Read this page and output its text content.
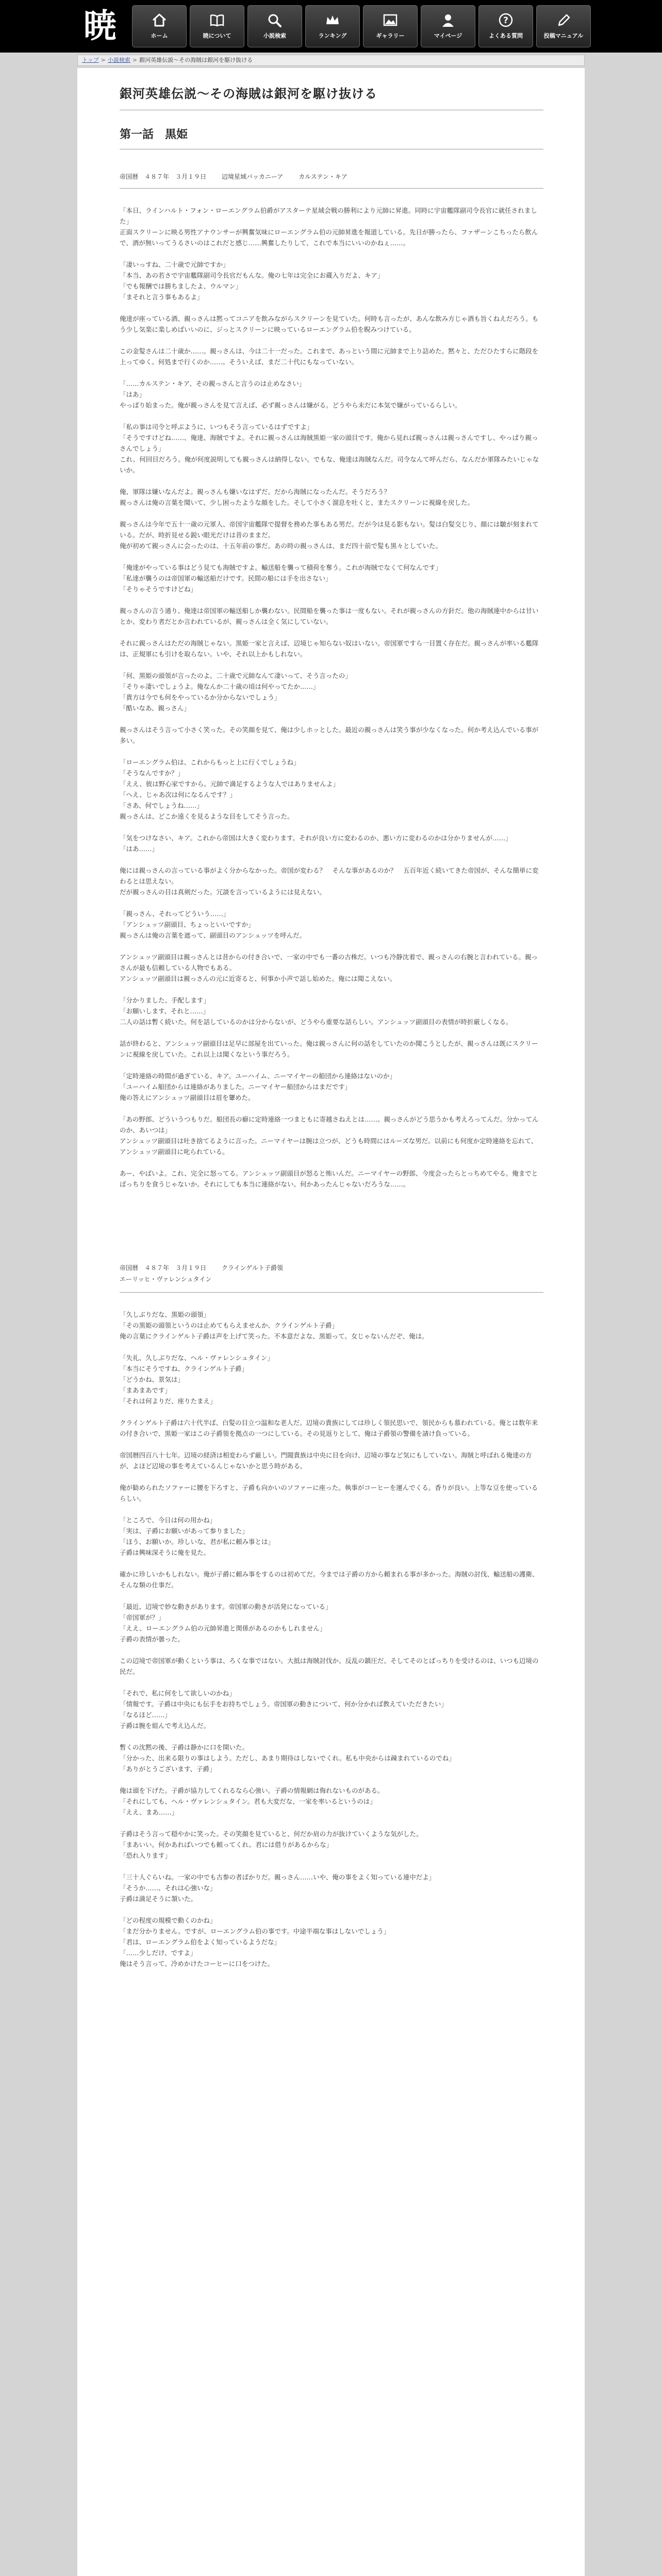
暁	ホーム	暁について	小説検索	ランキング	ギャラリー	マイページ
?
よくある質問	投稿マニュアル
トップ > 小説検索 > 銀河英雄伝説～その海賊は銀河を駆け抜ける
銀河英雄伝説～その海賊は銀河を駆け抜ける
第一話　黒姫
帝国暦　４８７年　３月１９日 辺境星域バッカニーア カルステン・キア

「本日、ラインハルト・フォン・ローエングラム伯爵がアスターテ星域会戦の勝利により元帥に昇進。同時に宇宙艦隊副司令長官に就任されました」
正面スクリーンに映る男性アナウンサーが興奮気味にローエングラム伯の元帥昇進を報道している。先日が勝ったら、ファザーンこちったら飲んで、酒が無いってうるさいのはこれだと感じ……興奮したりして、これで本当にいいのかねぇ……。

「凄いっすね、二十歳で元帥ですか」
「本当、あの若さで宇宙艦隊副司令長官だもんな。俺の七年は完全にお蔵入りだよ、キア」
「でも報酬では勝ちましたよ、ウルマン」
「まそれと言う事もあるよ」

俺達が座っている酒、親っさんは黙ってコニアを飲みながらスクリーンを見ていた。何時も言ったが、あんな飲み方じゃ酒も旨くねえだろう。もう少し気楽に楽しめばいいのに、ジっとスクリーンに映っているローエングラム伯を睨みつけている。

この金髪さんは二十歳か……。親っさんは、今は二十一だった。これまで、あっという間に元帥まで上り詰めた。黙々と、ただひたすらに階段を上ってゆく。何処まで行くのか……。そういえば、まだ二十代にもなっていない。

「……カルステン・キア、その親っさんと言うのは止めなさい」
「はあ」
やっぱり始まった。俺が親っさんを見て言えば、必ず親っさんは嫌がる。どうやら未だに本気で嫌がっているらしい。

「私の事は司令と呼ぶように、いつもそう言っているはずですよ」
「そうですけどね……、俺達、海賊ですよ。それに親っさんは海賊黒姫一家の頭目です。俺から見れば親っさんは親っさんですし、やっぱり親っさんでしょう」
これ、何回目だろう。俺が何度説明しても親っさんは納得しない。でもな、俺達は海賊なんだ。司令なんて呼んだら、なんだか軍隊みたいじゃないか。

俺、軍隊は嫌いなんだよ。親っさんも嫌いなはずだ。だから海賊になったんだ。そうだろう？
親っさんは俺の言葉を聞いて、少し困ったような顔をした。そして小さく溜息を吐くと、またスクリーンに視線を戻した。

親っさんは今年で五十一歳の元軍人、帝国宇宙艦隊で提督を務めた事もある男だ。だが今は見る影もない。髪は白髪交じり、顔には皺が刻まれている。だが、時折見せる鋭い眼光だけは昔のままだ。
俺が初めて親っさんに会ったのは、十五年前の事だ。あの時の親っさんは、まだ四十前で髪も黒々としていた。

「俺達がやっている事はどう見ても海賊ですよ。輸送船を襲って積荷を奪う。これが海賊でなくて何なんです」
「私達が襲うのは帝国軍の輸送船だけです。民間の船には手を出さない」
「そりゃそうですけどね」

親っさんの言う通り、俺達は帝国軍の輸送船しか襲わない。民間船を襲った事は一度もない。それが親っさんの方針だ。他の海賊連中からは甘いとか、変わり者だとか言われているが、親っさんは全く気にしていない。

それに親っさんはただの海賊じゃない。黒姫一家と言えば、辺境じゃ知らない奴はいない。帝国軍ですら一目置く存在だ。親っさんが率いる艦隊は、正規軍にも引けを取らない。いや、それ以上かもしれない。

「何、黒姫の頭領が言ったのよ。二十歳で元帥なんて凄いって、そう言ったの」
「そりゃ凄いでしょうよ。俺なんか二十歳の頃は何やってたか……」
「貴方は今でも何をやっているか分からないでしょう」
「酷いなあ、親っさん」

親っさんはそう言って小さく笑った。その笑顔を見て、俺は少しホッとした。最近の親っさんは笑う事が少なくなった。何か考え込んでいる事が多い。

「ローエングラム伯は、これからもっと上に行くでしょうね」
「そうなんですか？」
「ええ、彼は野心家ですから。元帥で満足するような人ではありませんよ」
「へえ、じゃあ次は何になるんです？」
「さあ、何でしょうね……」
親っさんは、どこか遠くを見るような目をしてそう言った。

「気をつけなさい、キア。これから帝国は大きく変わります。それが良い方に変わるのか、悪い方に変わるのかは分かりませんが……」
「はあ……」

俺には親っさんの言っている事がよく分からなかった。帝国が変わる？　そんな事があるのか？　五百年近く続いてきた帝国が、そんな簡単に変わるとは思えない。
だが親っさんの目は真剣だった。冗談を言っているようには見えない。

「親っさん、それってどういう……」
「アンシュッツ副頭目、ちょっといいですか」
親っさんは俺の言葉を遮って、副頭目のアンシュッツを呼んだ。

アンシュッツ副頭目は親っさんとは昔からの付き合いで、一家の中でも一番の古株だ。いつも冷静沈着で、親っさんの右腕と言われている。親っさんが最も信頼している人物でもある。
アンシュッツ副頭目は親っさんの元に近寄ると、何事か小声で話し始めた。俺には聞こえない。

「分かりました、手配します」
「お願いします、それと……」
二人の話は暫く続いた。何を話しているのかは分からないが、どうやら重要な話らしい。アンシュッツ副頭目の表情が時折厳しくなる。

話が終わると、アンシュッツ副頭目は足早に部屋を出ていった。俺は親っさんに何の話をしていたのか聞こうとしたが、親っさんは既にスクリーンに視線を戻していた。これ以上は聞くなという事だろう。

「定時連絡の時間が過ぎている、キア。ユーハイム、ニーマイヤーの船団から連絡はないのか」
「ユーハイム船団からは連絡がありました。ニーマイヤー船団からはまだです」
俺の答えにアンシュッツ副頭目は眉を顰めた。

「あの野郎、どういうつもりだ。船団長の癖に定時連絡一つまともに寄越さねえとは……。親っさんがどう思うかも考えろってんだ。分かってんのか、あいつは」
アンシュッツ副頭目は吐き捨てるように言った。ニーマイヤーは腕は立つが、どうも時間にはルーズな男だ。以前にも何度か定時連絡を忘れて、アンシュッツ副頭目に叱られている。

あー、やばいよ。これ、完全に怒ってる。アンシュッツ副頭目が怒ると怖いんだ。ニーマイヤーの野郎、今度会ったらとっちめてやる。俺までとばっちりを食うじゃないか。それにしても本当に連絡がない。何かあったんじゃないだろうな……。

帝国暦　４８７年　３月１９日 クラインゲルト子爵領
エーリッヒ・ヴァレンシュタイン

「久しぶりだな、黒姫の頭領」
「その黒姫の頭領というのは止めてもらえませんか、クラインゲルト子爵」
俺の言葉にクラインゲルト子爵は声を上げて笑った。不本意だよな、黒姫って。女じゃないんだぞ、俺は。

「失礼、久しぶりだな、ヘル・ヴァレンシュタイン」
「本当にそうですね、クラインゲルト子爵」
「どうかね、景気は」
「まあまあです」
「それは何よりだ、座りたまえ」

クラインゲルト子爵は六十代半ば、白髪の目立つ温和な老人だ。辺境の貴族にしては珍しく領民思いで、領民からも慕われている。俺とは数年来の付き合いで、黒姫一家はこの子爵領を拠点の一つにしている。その見返りとして、俺は子爵領の警備を請け負っている。

帝国暦四百八十七年。辺境の経済は相変わらず厳しい。門閥貴族は中央に目を向け、辺境の事など気にもしていない。海賊と呼ばれる俺達の方が、よほど辺境の事を考えているんじゃないかと思う時がある。

俺が勧められたソファーに腰を下ろすと、子爵も向かいのソファーに座った。執事がコーヒーを運んでくる。香りが良い。上等な豆を使っているらしい。

「ところで、今日は何の用かね」
「実は、子爵にお願いがあって参りました」
「ほう、お願いか。珍しいな、君が私に頼み事とは」
子爵は興味深そうに俺を見た。

確かに珍しいかもしれない。俺が子爵に頼み事をするのは初めてだ。今までは子爵の方から頼まれる事が多かった。海賊の討伐、輸送船の護衛、そんな類の仕事だ。

「最近、辺境で妙な動きがあります。帝国軍の動きが活発になっている」
「帝国軍が？」
「ええ、ローエングラム伯の元帥昇進と関係があるのかもしれません」
子爵の表情が曇った。

この辺境で帝国軍が動くという事は、ろくな事ではない。大抵は海賊討伐か、反乱の鎮圧だ。そしてそのとばっちりを受けるのは、いつも辺境の民だ。

「それで、私に何をして欲しいのかね」
「情報です。子爵は中央にも伝手をお持ちでしょう。帝国軍の動きについて、何か分かれば教えていただきたい」
「なるほど……」
子爵は腕を組んで考え込んだ。

暫くの沈黙の後、子爵は静かに口を開いた。
「分かった、出来る限りの事はしよう。ただし、あまり期待はしないでくれ。私も中央からは疎まれているのでね」
「ありがとうございます、子爵」

俺は頭を下げた。子爵が協力してくれるなら心強い。子爵の情報網は侮れないものがある。
「それにしても、ヘル・ヴァレンシュタイン。君も大変だな、一家を率いるというのは」
「ええ、まあ……」

子爵はそう言って穏やかに笑った。その笑顔を見ていると、何だか肩の力が抜けていくような気がした。
「まあいい。何かあればいつでも頼ってくれ。君には借りがあるからな」
「恐れ入ります」

「三十人ぐらいね。一家の中でも古参の者ばかりだ。親っさん……いや、俺の事をよく知っている連中だよ」
「そうか……、それは心強いな」
子爵は満足そうに頷いた。

「どの程度の規模で動くのかね」
「まだ分かりません。ですが、ローエングラム伯の事です。中途半端な事はしないでしょう」
「君は、ローエングラム伯をよく知っているようだな」
「……少しだけ、ですよ」
俺はそう言って、冷めかけたコーヒーに口をつけた。
